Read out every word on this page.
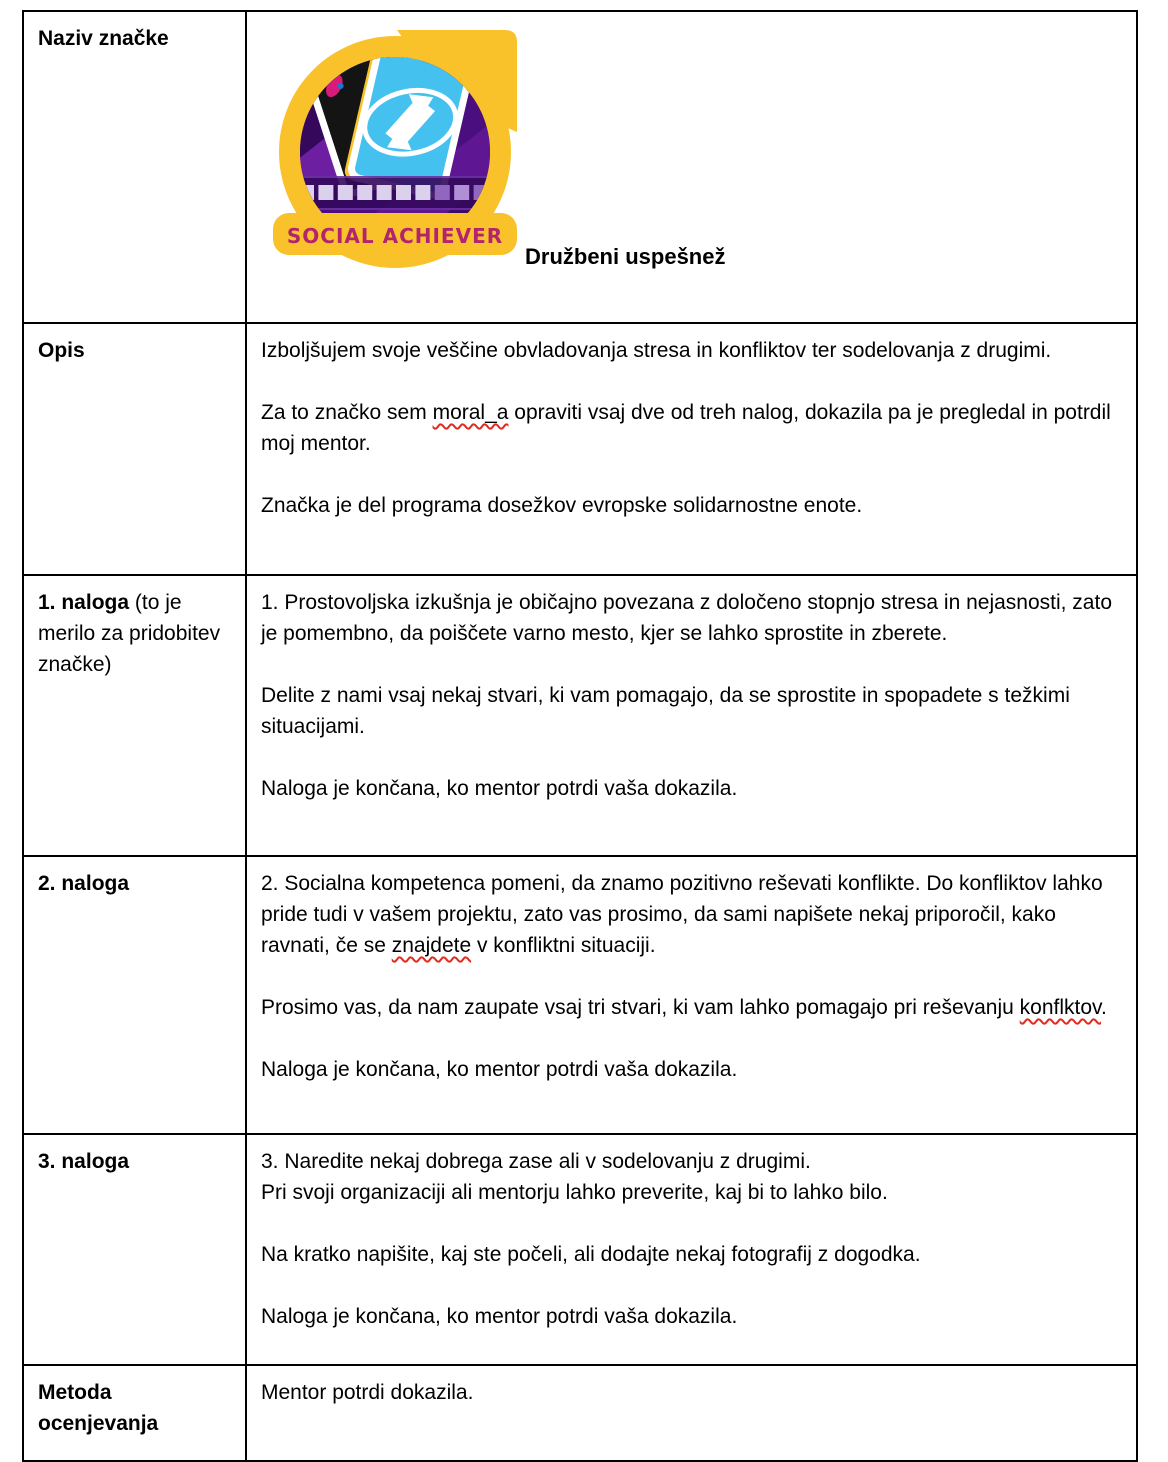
Naziv značke	SOCIAL ACHIEVER
Družbeni uspešnež

Opis	Izboljšujem svoje veščine obvladovanja stresa in konfliktov ter sodelovanja z drugimi.

Za to značko sem moral_a opraviti vsaj dve od treh nalog, dokazila pa je pregledal in potrdil moj mentor.

Značka je del programa dosežkov evropske solidarnostne enote.

1. naloga (to je merilo za pridobitev značke)	1. Prostovoljska izkušnja je običajno povezana z določeno stopnjo stresa in nejasnosti, zato je pomembno, da poiščete varno mesto, kjer se lahko sprostite in zberete.

Delite z nami vsaj nekaj stvari, ki vam pomagajo, da se sprostite in spopadete s težkimi situacijami.

Naloga je končana, ko mentor potrdi vaša dokazila.

2. naloga	2. Socialna kompetenca pomeni, da znamo pozitivno reševati konflikte. Do konfliktov lahko pride tudi v vašem projektu, zato vas prosimo, da sami napišete nekaj priporočil, kako ravnati, če se znajdete v konfliktni situaciji.

Prosimo vas, da nam zaupate vsaj tri stvari, ki vam lahko pomagajo pri reševanju konflktov.

Naloga je končana, ko mentor potrdi vaša dokazila.

3. naloga	3. Naredite nekaj dobrega zase ali v sodelovanju z drugimi.

Pri svoji organizaciji ali mentorju lahko preverite, kaj bi to lahko bilo.

Na kratko napišite, kaj ste počeli, ali dodajte nekaj fotografij z dogodka.

Naloga je končana, ko mentor potrdi vaša dokazila.

Metoda ocenjevanja	Mentor potrdi dokazila.
